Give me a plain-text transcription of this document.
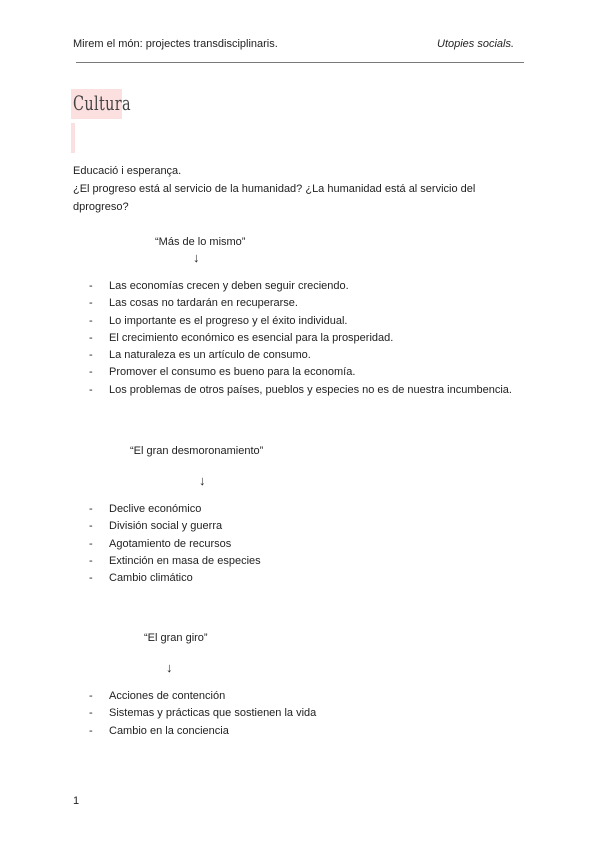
Mirem el món: projectes transdisciplinaris.	Utopies socials.
Cultura
Educació i esperança.
¿El progreso está al servicio de la humanidad? ¿La humanidad está al servicio del
dprogreso?
“Más de lo mismo”
↓
- Las economías crecen y deben seguir creciendo.
- Las cosas no tardarán en recuperarse.
- Lo importante es el progreso y el éxito individual.
- El crecimiento económico es esencial para la prosperidad.
- La naturaleza es un artículo de consumo.
- Promover el consumo es bueno para la economía.
- Los problemas de otros países, pueblos y especies no es de nuestra incumbencia.
“El gran desmoronamiento”
↓
- Declive económico
- División social y guerra
- Agotamiento de recursos
- Extinción en masa de especies
- Cambio climático
“El gran giro”
↓
- Acciones de contención
- Sistemas y prácticas que sostienen la vida
- Cambio en la conciencia
1
